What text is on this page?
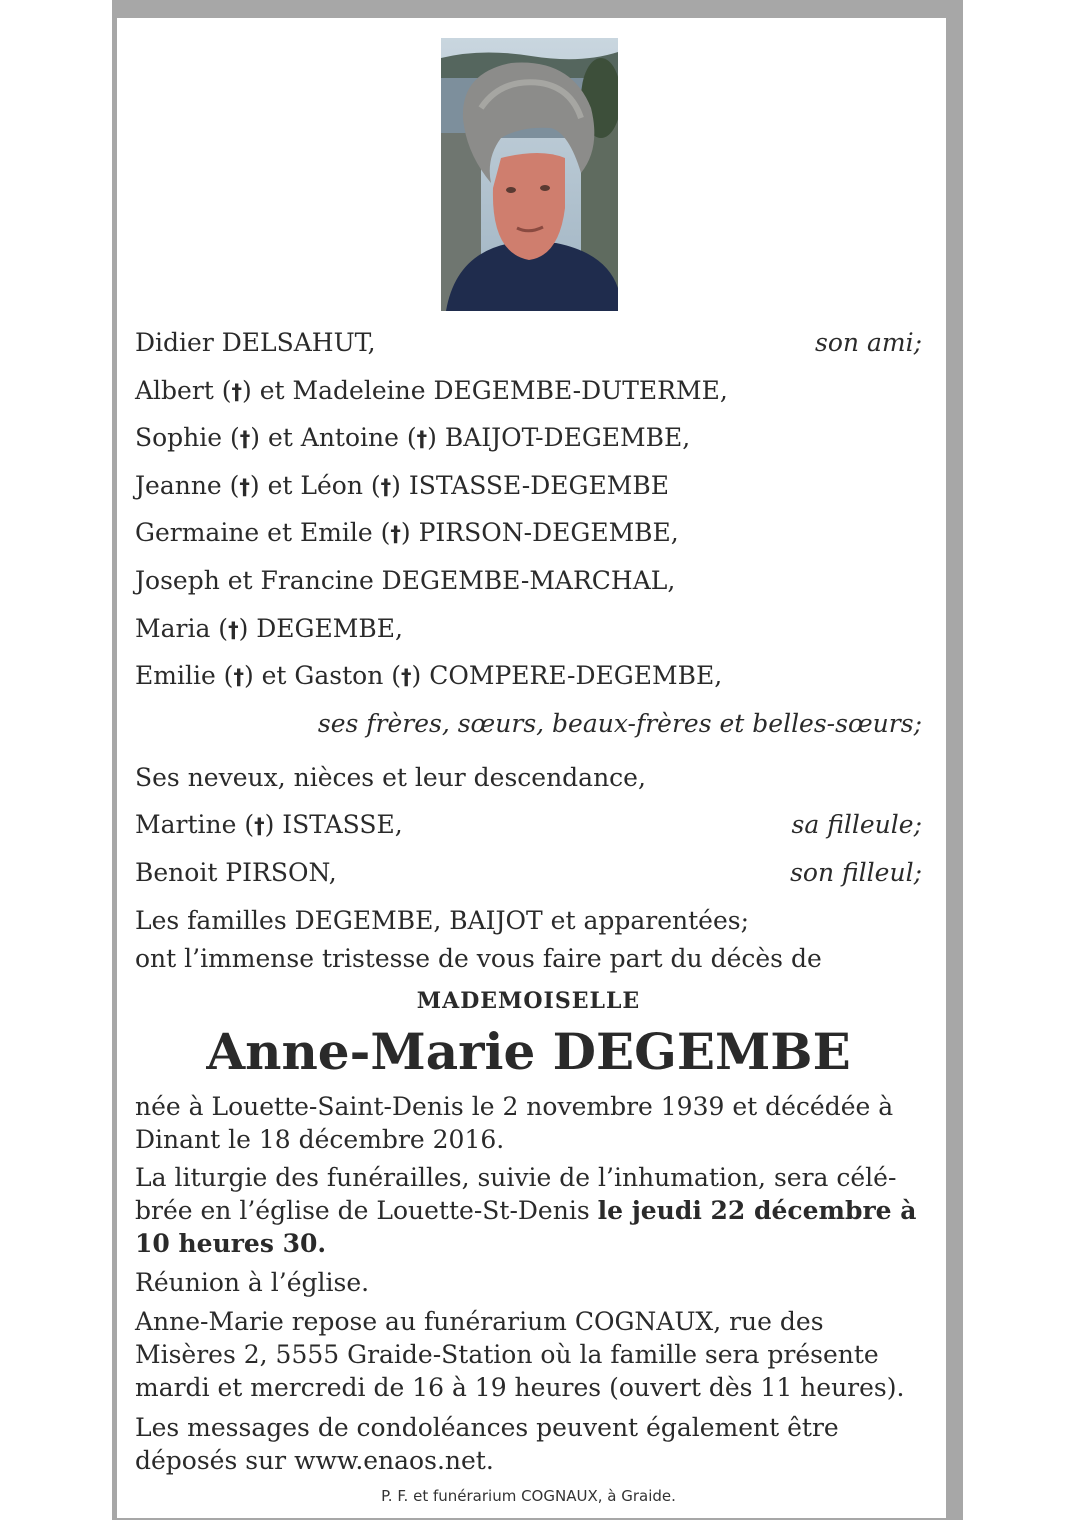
Didier DELSAHUT,	son ami;
Albert (†) et Madeleine DEGEMBE-DUTERME,
Sophie (†) et Antoine (†) BAIJOT-DEGEMBE,
Jeanne (†) et Léon (†) ISTASSE-DEGEMBE
Germaine et Emile (†) PIRSON-DEGEMBE,
Joseph et Francine DEGEMBE-MARCHAL,
Maria (†) DEGEMBE,
Emilie (†) et Gaston (†) COMPERE-DEGEMBE,
ses frères, sœurs, beaux-frères et belles-sœurs;
Ses neveux, nièces et leur descendance,
Martine (†) ISTASSE,	sa filleule;
Benoit PIRSON,	son filleul;
Les familles DEGEMBE, BAIJOT et apparentées;
ont l’immense tristesse de vous faire part du décès de
MADEMOISELLE
Anne-Marie DEGEMBE
née à Louette-Saint-Denis le 2 novembre 1939 et décédée à
Dinant le 18 décembre 2016.
La liturgie des funérailles, suivie de l’inhumation, sera célé-
brée en l’église de Louette-St-Denis le jeudi 22 décembre à
10 heures 30.
Réunion à l’église.
Anne-Marie repose au funérarium COGNAUX, rue des
Misères 2, 5555 Graide-Station où la famille sera présente
mardi et mercredi de 16 à 19 heures (ouvert dès 11 heures).
Les messages de condoléances peuvent également être
déposés sur www.enaos.net.
P. F. et funérarium COGNAUX, à Graide.
